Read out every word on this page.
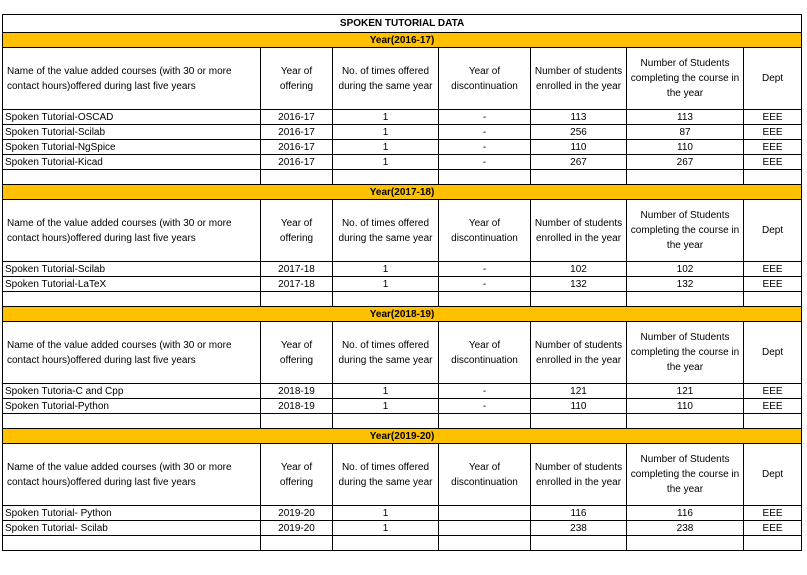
SPOKEN TUTORIAL DATA						
Year(2016-17)						
Name of the value added courses (with 30 or more contact hours)offered during last five years	Year of offering	No. of times offered during the same year	Year of discontinuation	Number of students enrolled in the year	Number of Students completing the course in the year	Dept
Spoken Tutorial-OSCAD	2016-17	1	-	113	113	EEE
Spoken Tutorial-Scilab	2016-17	1	-	256	87	EEE
Spoken Tutorial-NgSpice	2016-17	1	-	110	110	EEE
Spoken Tutorial-Kicad	2016-17	1	-	267	267	EEE

Year(2017-18)						
Name of the value added courses (with 30 or more contact hours)offered during last five years	Year of offering	No. of times offered during the same year	Year of discontinuation	Number of students enrolled in the year	Number of Students completing the course in the year	Dept
Spoken Tutorial-Scilab	2017-18	1	-	102	102	EEE
Spoken Tutorial-LaTeX	2017-18	1	-	132	132	EEE

Year(2018-19)						
Name of the value added courses (with 30 or more contact hours)offered during last five years	Year of offering	No. of times offered during the same year	Year of discontinuation	Number of students enrolled in the year	Number of Students completing the course in the year	Dept
Spoken Tutoria-C and Cpp	2018-19	1	-	121	121	EEE
Spoken Tutorial-Python	2018-19	1	-	110	110	EEE

Year(2019-20)						
Name of the value added courses (with 30 or more contact hours)offered during last five years	Year of offering	No. of times offered during the same year	Year of discontinuation	Number of students enrolled in the year	Number of Students completing the course in the year	Dept
Spoken Tutorial- Python	2019-20	1		116	116	EEE
Spoken Tutorial- Scilab	2019-20	1		238	238	EEE
